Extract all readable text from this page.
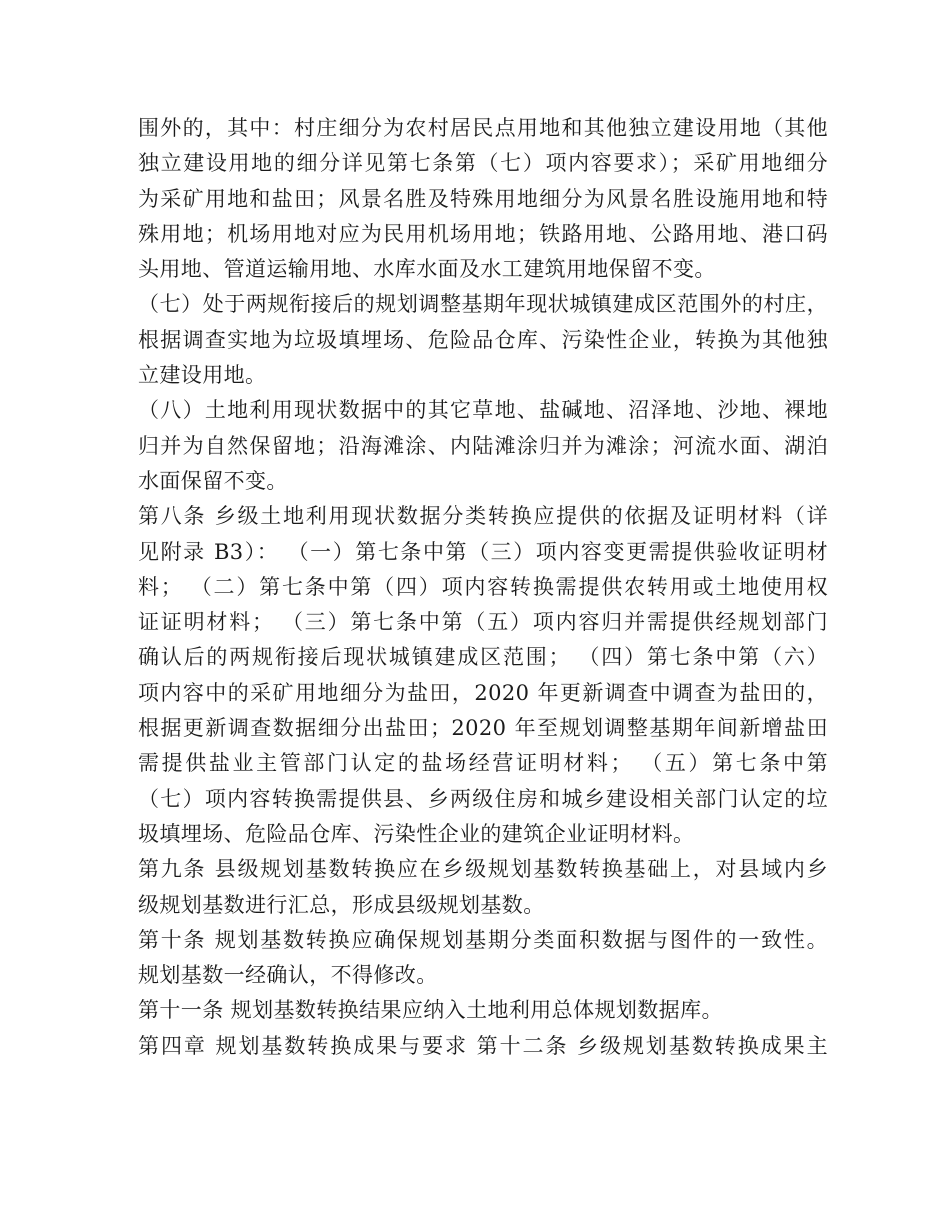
围外的，其中：村庄细分为农村居民点用地和其他独立建设用地（其他
独立建设用地的细分详见第七条第（七）项内容要求）；采矿用地细分
为采矿用地和盐田；风景名胜及特殊用地细分为风景名胜设施用地和特
殊用地；机场用地对应为民用机场用地；铁路用地、公路用地、港口码
头用地、管道运输用地、水库水面及水工建筑用地保留不变。
（七）处于两规衔接后的规划调整基期年现状城镇建成区范围外的村庄，
根据调查实地为垃圾填埋场、危险品仓库、污染性企业，转换为其他独
立建设用地。
（八）土地利用现状数据中的其它草地、盐碱地、沼泽地、沙地、裸地
归并为自然保留地；沿海滩涂、内陆滩涂归并为滩涂；河流水面、湖泊
水面保留不变。
第八条 乡级土地利用现状数据分类转换应提供的依据及证明材料（详
见附录 B3）： （一）第七条中第（三）项内容变更需提供验收证明材
料； （二）第七条中第（四）项内容转换需提供农转用或土地使用权
证证明材料； （三）第七条中第（五）项内容归并需提供经规划部门
确认后的两规衔接后现状城镇建成区范围； （四）第七条中第（六）
项内容中的采矿用地细分为盐田，2020 年更新调查中调查为盐田的，
根据更新调查数据细分出盐田；2020 年至规划调整基期年间新增盐田
需提供盐业主管部门认定的盐场经营证明材料； （五）第七条中第
（七）项内容转换需提供县、乡两级住房和城乡建设相关部门认定的垃
圾填埋场、危险品仓库、污染性企业的建筑企业证明材料。
第九条 县级规划基数转换应在乡级规划基数转换基础上，对县域内乡
级规划基数进行汇总，形成县级规划基数。
第十条 规划基数转换应确保规划基期分类面积数据与图件的一致性。
规划基数一经确认，不得修改。
第十一条 规划基数转换结果应纳入土地利用总体规划数据库。
第四章 规划基数转换成果与要求 第十二条 乡级规划基数转换成果主
